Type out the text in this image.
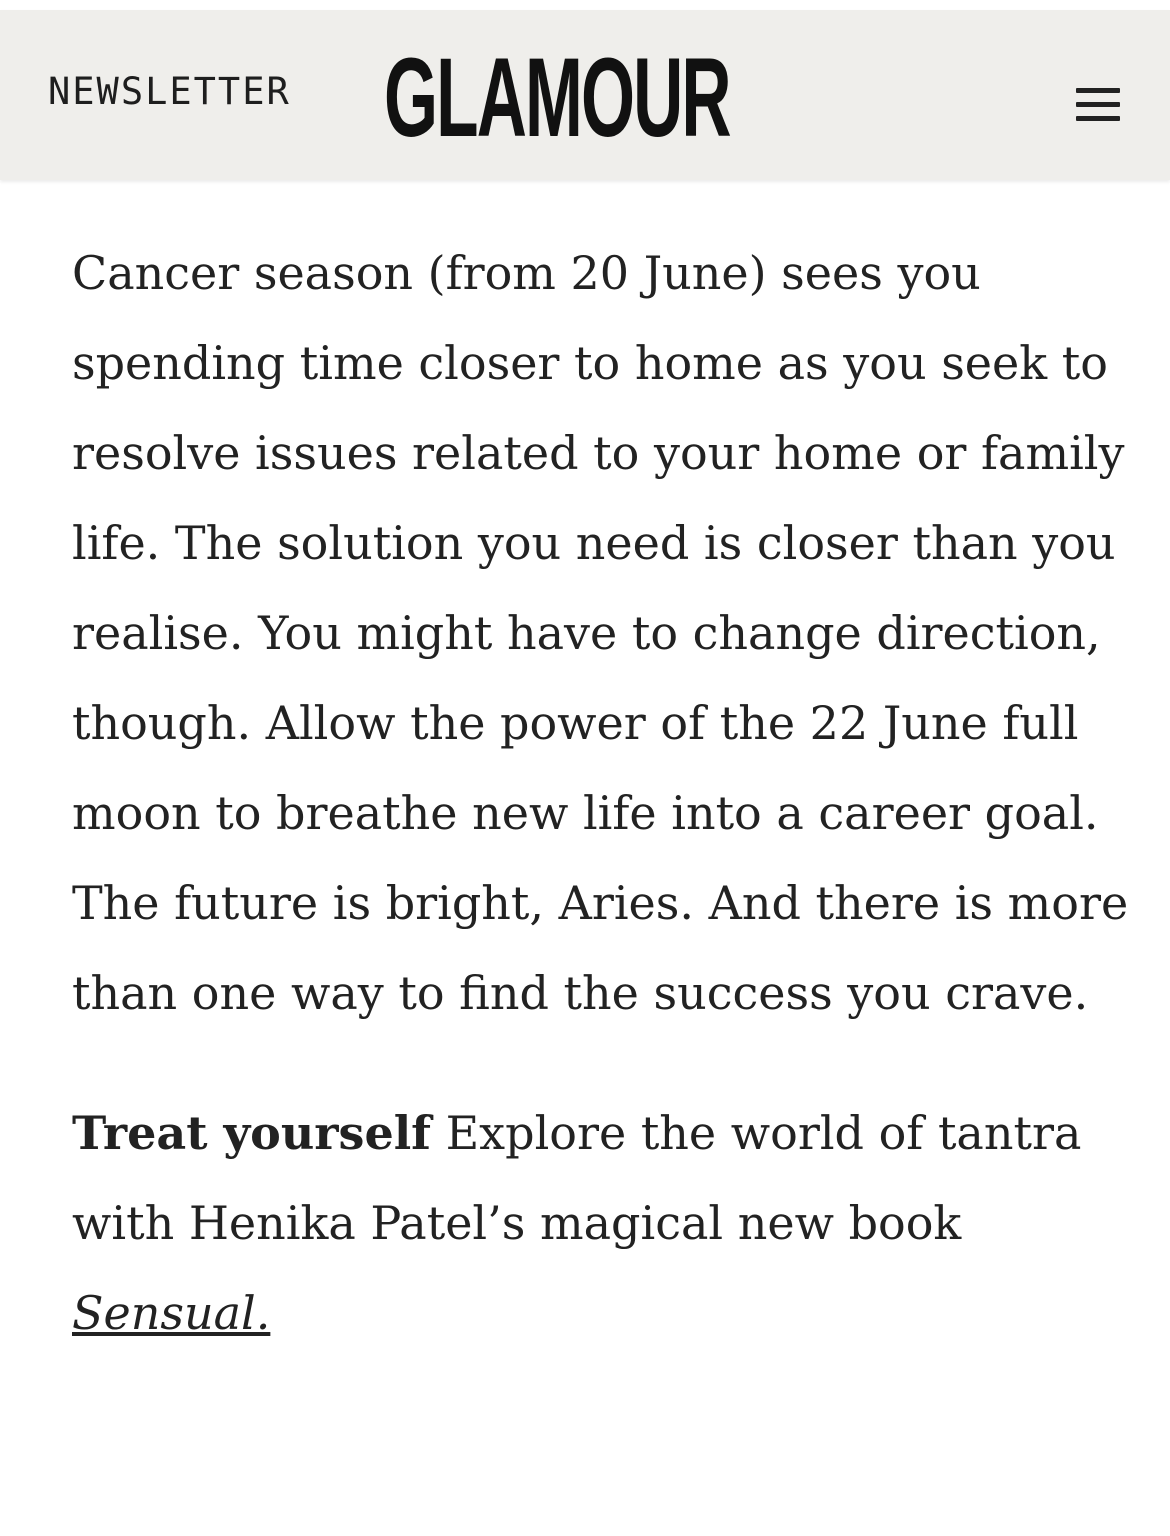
NEWSLETTER GLAMOUR

Cancer season (from 20 June) sees you spending time closer to home as you seek to resolve issues related to your home or family life. The solution you need is closer than you realise. You might have to change direction, though. Allow the power of the 22 June full moon to breathe new life into a career goal. The future is bright, Aries. And there is more than one way to find the success you crave.

Treat yourself Explore the world of tantra with Henika Patel’s magical new book Sensual.
